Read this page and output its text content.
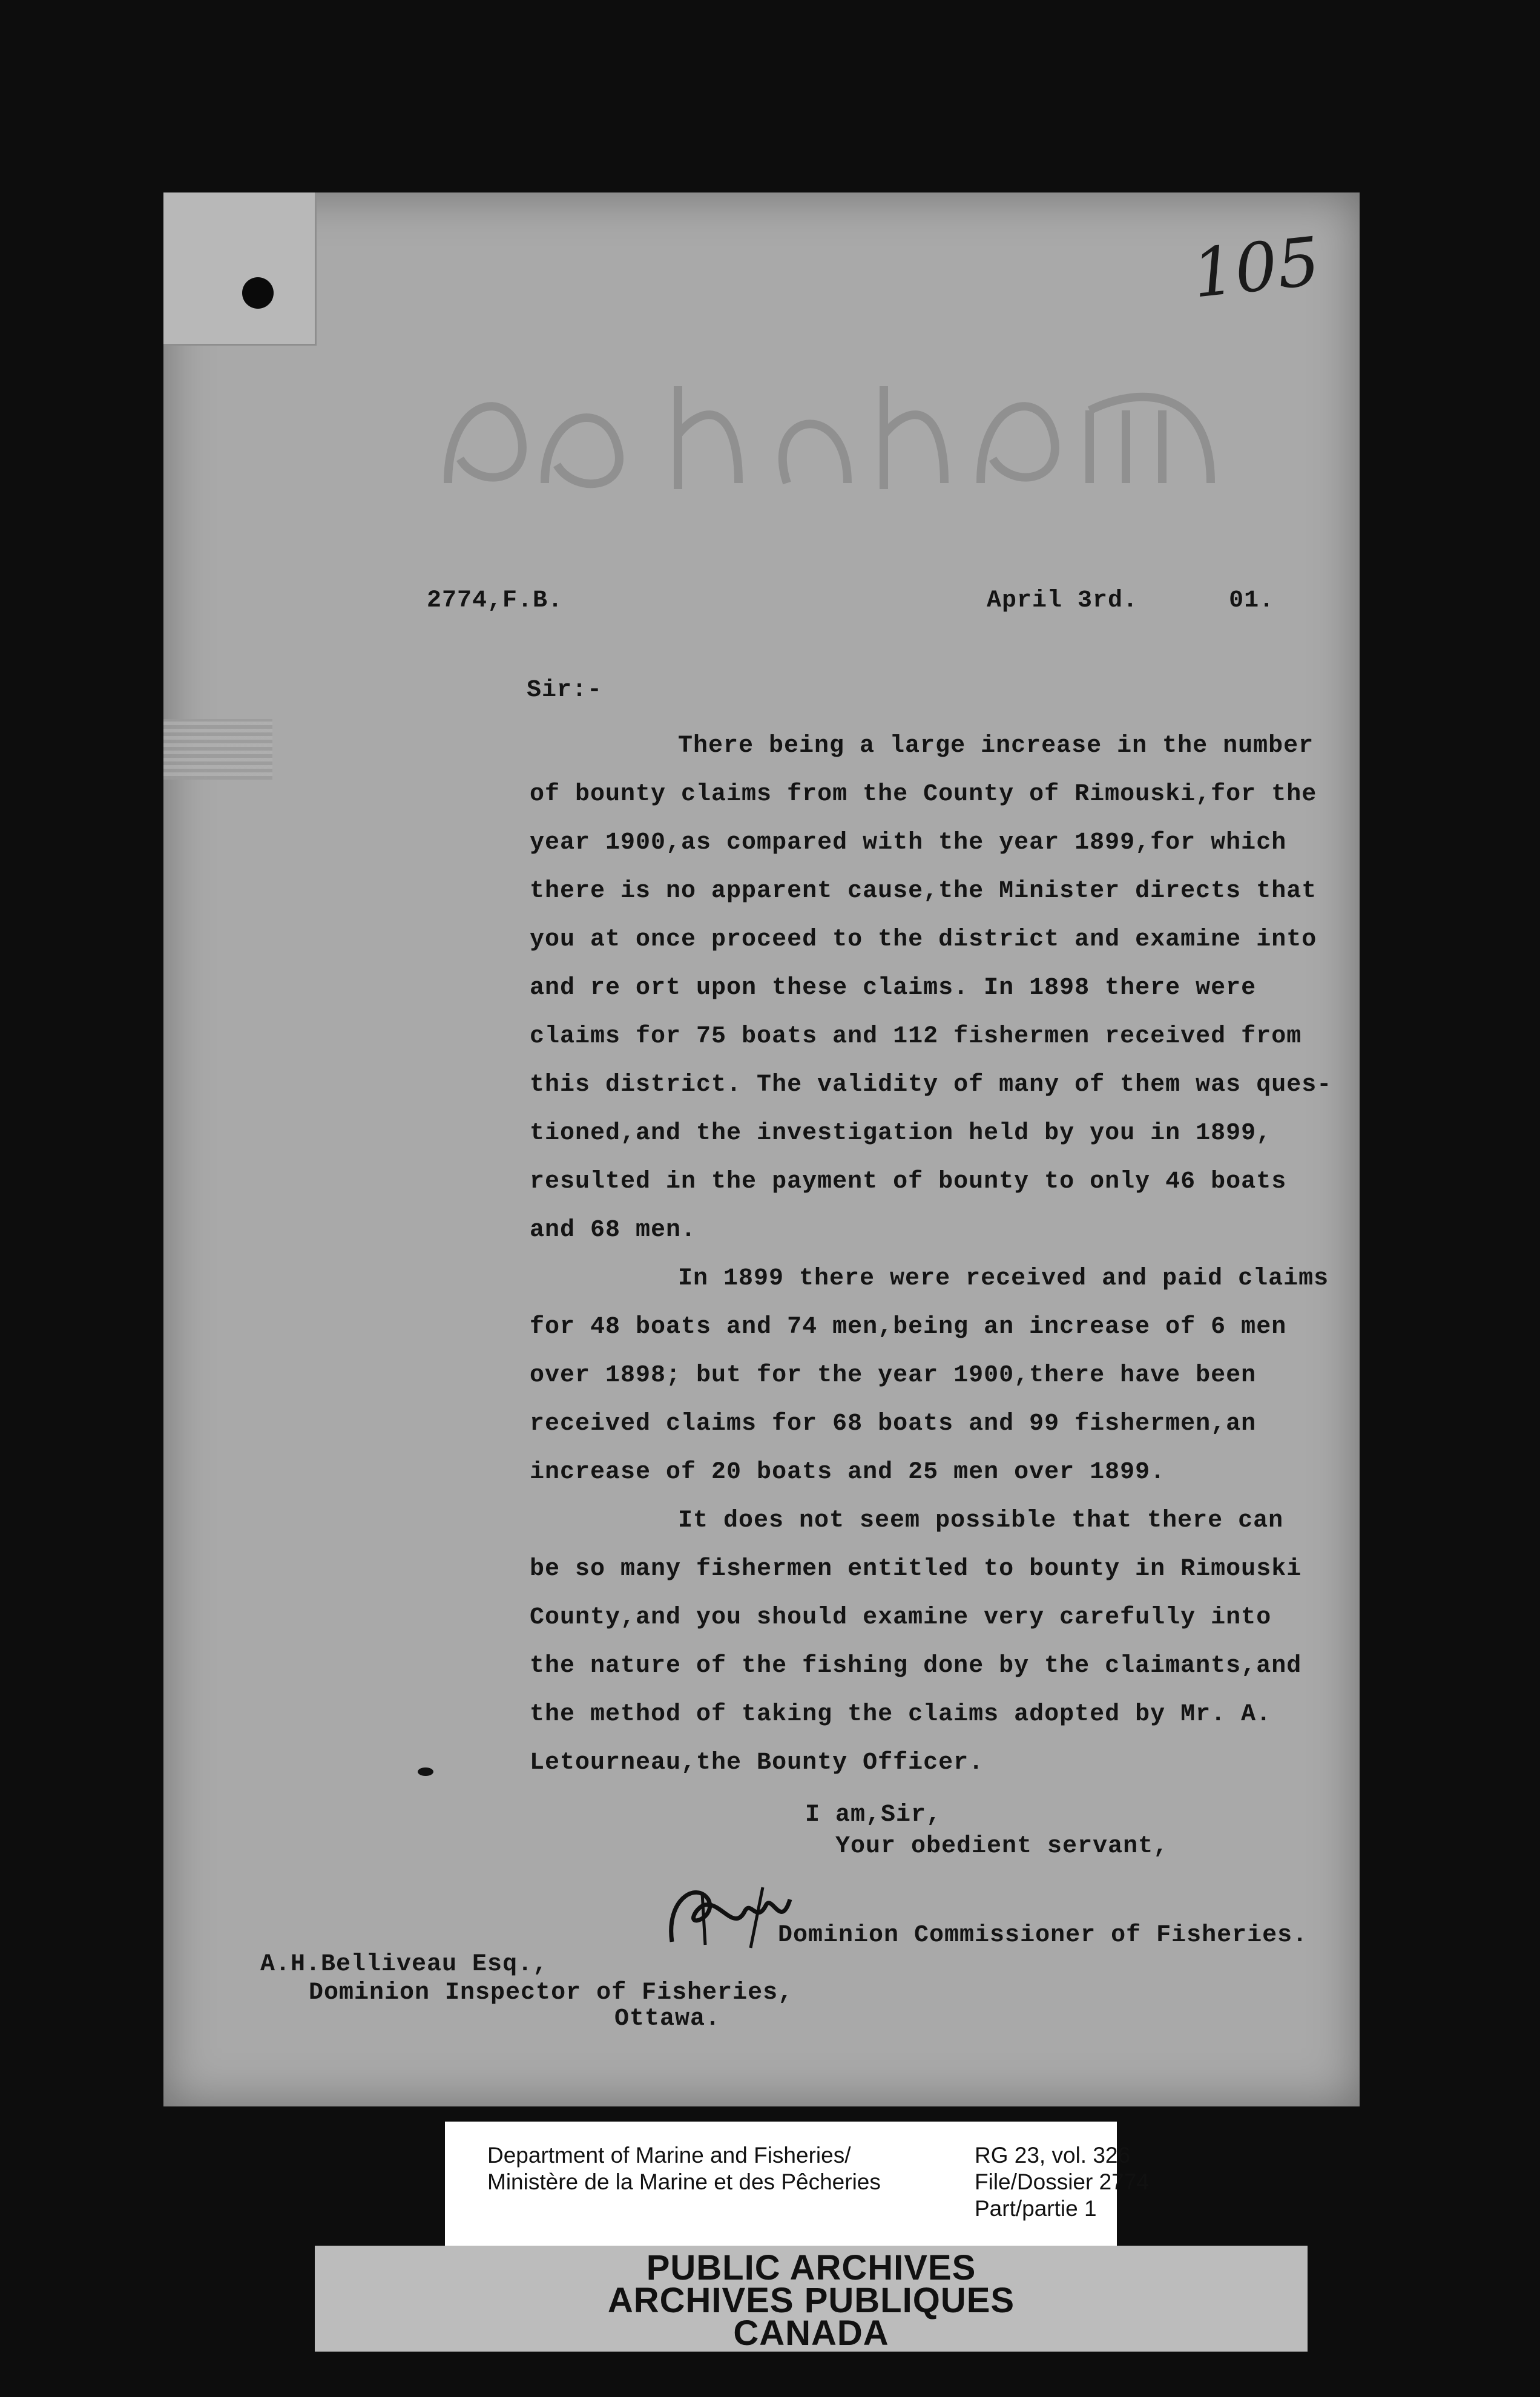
105
2774,F.B.	April 3rd.      01.
Sir:-
There being a large increase in the number
of bounty claims from the County of Rimouski,for the
year 1900,as compared with the year 1899,for which
there is no apparent cause,the Minister directs that
you at once proceed to the district and examine into
and re ort upon these claims. In 1898 there were
claims for 75 boats and 112 fishermen received from
this district. The validity of many of them was ques-
tioned,and the investigation held by you in 1899,
resulted in the payment of bounty to only 46 boats
and 68 men.
In 1899 there were received and paid claims
for 48 boats and 74 men,being an increase of 6 men
over 1898; but for the year 1900,there have been
received claims for 68 boats and 99 fishermen,an
increase of 20 boats and 25 men over 1899.
It does not seem possible that there can
be so many fishermen entitled to bounty in Rimouski
County,and you should examine very carefully into
the nature of the fishing done by the claimants,and
the method of taking the claims adopted by Mr. A.
Letourneau,the Bounty Officer.
I am,Sir,
Your obedient servant,
Dominion Commissioner of Fisheries.
A.H.Belliveau Esq.,
Dominion Inspector of Fisheries,
Ottawa.
Department of Marine and Fisheries/
Ministère de la Marine et des Pêcheries
RG 23, vol. 326
File/Dossier 2774
Part/partie 1
PUBLIC ARCHIVES
ARCHIVES PUBLIQUES
CANADA
